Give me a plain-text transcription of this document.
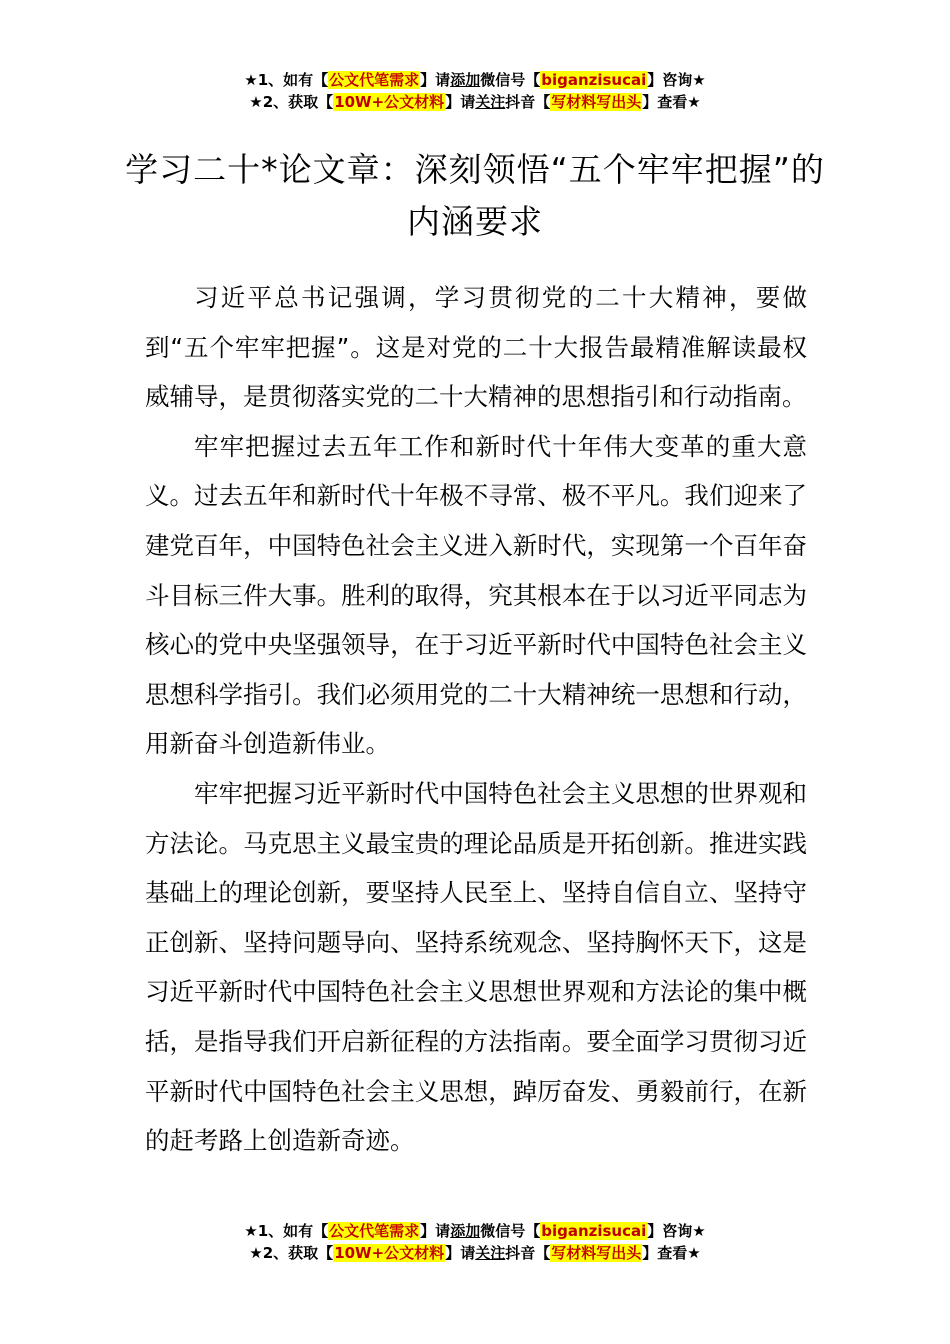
★1、如有【公文代笔需求】请添加微信号【biganzisucai】咨询★
★2、获取【10W+公文材料】请关注抖音【写材料写出头】查看★
学习二十*论文章：深刻领悟“五个牢牢把握”的内涵要求

习近平总书记强调，学习贯彻党的二十大精神，要做到“五个牢牢把握”。这是对党的二十大报告最精准解读最权威辅导，是贯彻落实党的二十大精神的思想指引和行动指南。

牢牢把握过去五年工作和新时代十年伟大变革的重大意义。过去五年和新时代十年极不寻常、极不平凡。我们迎来了建党百年，中国特色社会主义进入新时代，实现第一个百年奋斗目标三件大事。胜利的取得，究其根本在于以习近平同志为核心的党中央坚强领导，在于习近平新时代中国特色社会主义思想科学指引。我们必须用党的二十大精神统一思想和行动，用新奋斗创造新伟业。

牢牢把握习近平新时代中国特色社会主义思想的世界观和方法论。马克思主义最宝贵的理论品质是开拓创新。推进实践基础上的理论创新，要坚持人民至上、坚持自信自立、坚持守正创新、坚持问题导向、坚持系统观念、坚持胸怀天下，这是习近平新时代中国特色社会主义思想世界观和方法论的集中概括，是指导我们开启新征程的方法指南。要全面学习贯彻习近平新时代中国特色社会主义思想，踔厉奋发、勇毅前行，在新的赶考路上创造新奇迹。

★1、如有【公文代笔需求】请添加微信号【biganzisucai】咨询★
★2、获取【10W+公文材料】请关注抖音【写材料写出头】查看★
